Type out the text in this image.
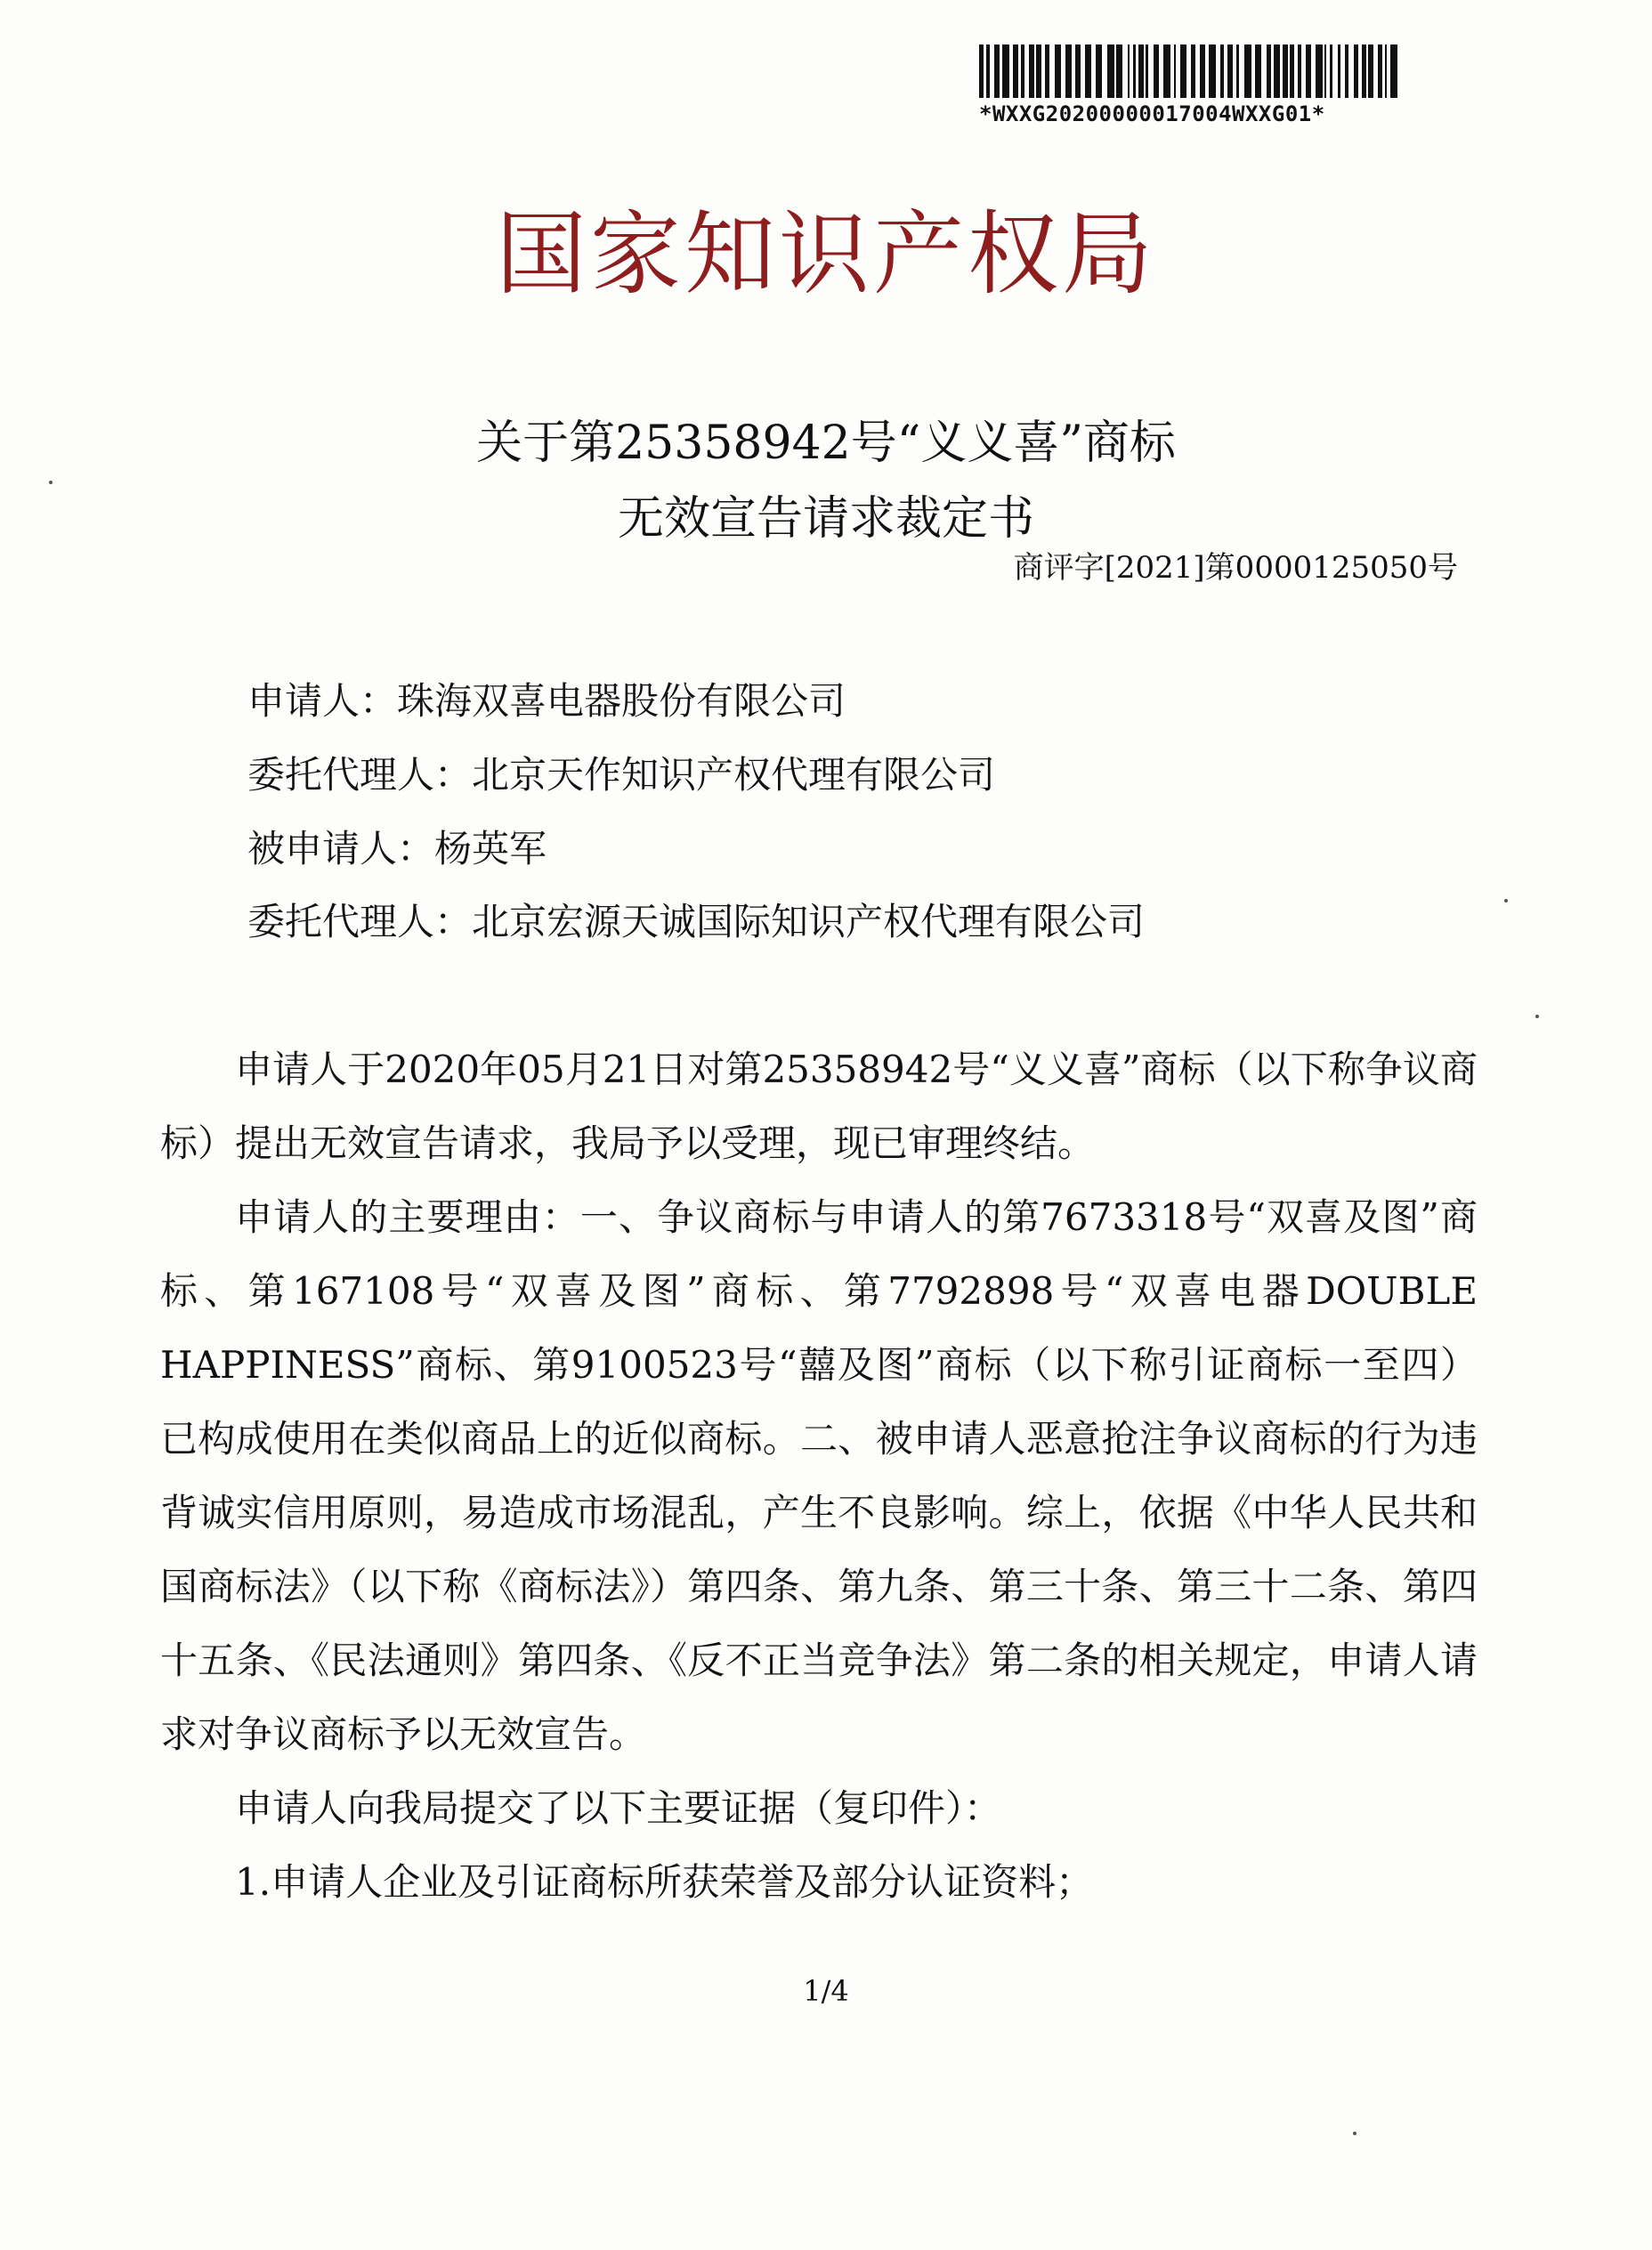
*WXXG20200000017004WXXG01*
国家知识产权局
关于第25358942号“义义喜”商标
无效宣告请求裁定书
商评字[2021]第0000125050号
申请人：珠海双喜电器股份有限公司
委托代理人：北京天作知识产权代理有限公司
被申请人：杨英军
委托代理人：北京宏源天诚国际知识产权代理有限公司

申请人于2020年05月21日对第25358942号“义义喜”商标（以下称争议商标）提出无效宣告请求，我局予以受理，现已审理终结。

申请人的主要理由：一、争议商标与申请人的第7673318号“双喜及图”商标、第167108号“双喜及图”商标、第7792898号“双喜电器DOUBLE HAPPINESS”商标、第9100523号“囍及图”商标（以下称引证商标一至四）已构成使用在类似商品上的近似商标。二、被申请人恶意抢注争议商标的行为违背诚实信用原则，易造成市场混乱，产生不良影响。综上，依据《中华人民共和国商标法》（以下称《商标法》）第四条、第九条、第三十条、第三十二条、第四十五条、《民法通则》第四条、《反不正当竞争法》第二条的相关规定，申请人请求对争议商标予以无效宣告。

申请人向我局提交了以下主要证据（复印件）：

1.申请人企业及引证商标所获荣誉及部分认证资料；

1/4
